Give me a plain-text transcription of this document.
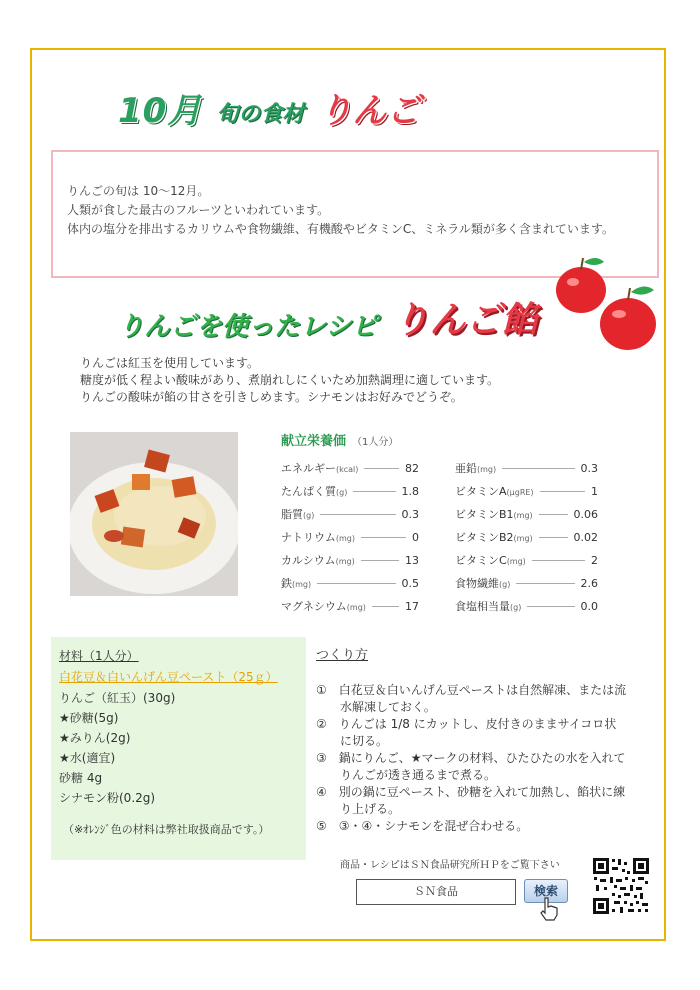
10月 旬の食材 りんご
りんごの旬は 10～12月。
人類が食した最古のフルーツといわれています。
体内の塩分を排出するカリウムや食物繊維、有機酸やビタミンC、ミネラル類が多く含まれています。
りんごを使ったレシピ りんご餡
りんごは紅玉を使用しています。
糖度が低く程よい酸味があり、煮崩れしにくいため加熱調理に適しています。
りんごの酸味が餡の甘さを引きしめます。シナモンはお好みでどうぞ。
献立栄養価 （1人分）
エネルギー(kcal)	82
たんぱく質(g)	1.8
脂質(g)	0.3
ナトリウム(mg)	0
カルシウム(mg)	13
鉄(mg)	0.5
マグネシウム(mg)	17
亜鉛(mg)	0.3
ビタミンA(μgRE)	1
ビタミンB1(mg)	0.06
ビタミンB2(mg)	0.02
ビタミンC(mg)	2
食物繊維(g)	2.6
食塩相当量(g)	0.0
材料（1人分）
白花豆＆白いんげん豆ペースト（25ｇ）
りんご（紅玉）(30g)
★砂糖(5g)
★みりん(2g)
★水(適宜)
砂糖 4g
シナモン粉(0.2g)
（※ｵﾚﾝｼﾞ色の材料は弊社取扱商品です。）
つくり方
①　白花豆＆白いんげん豆ペーストは自然解凍、または流
　　水解凍しておく。
②　りんごは 1/8 にカットし、皮付きのままサイコロ状
　　に切る。
③　鍋にりんご、★マークの材料、ひたひたの水を入れて
　　りんごが透き通るまで煮る。
④　別の鍋に豆ペースト、砂糖を入れて加熱し、餡状に練
　　り上げる。
⑤　③・④・シナモンを混ぜ合わせる。
商品・レシピはＳＮ食品研究所ＨＰをご覧下さい
ＳＮ食品	検索
